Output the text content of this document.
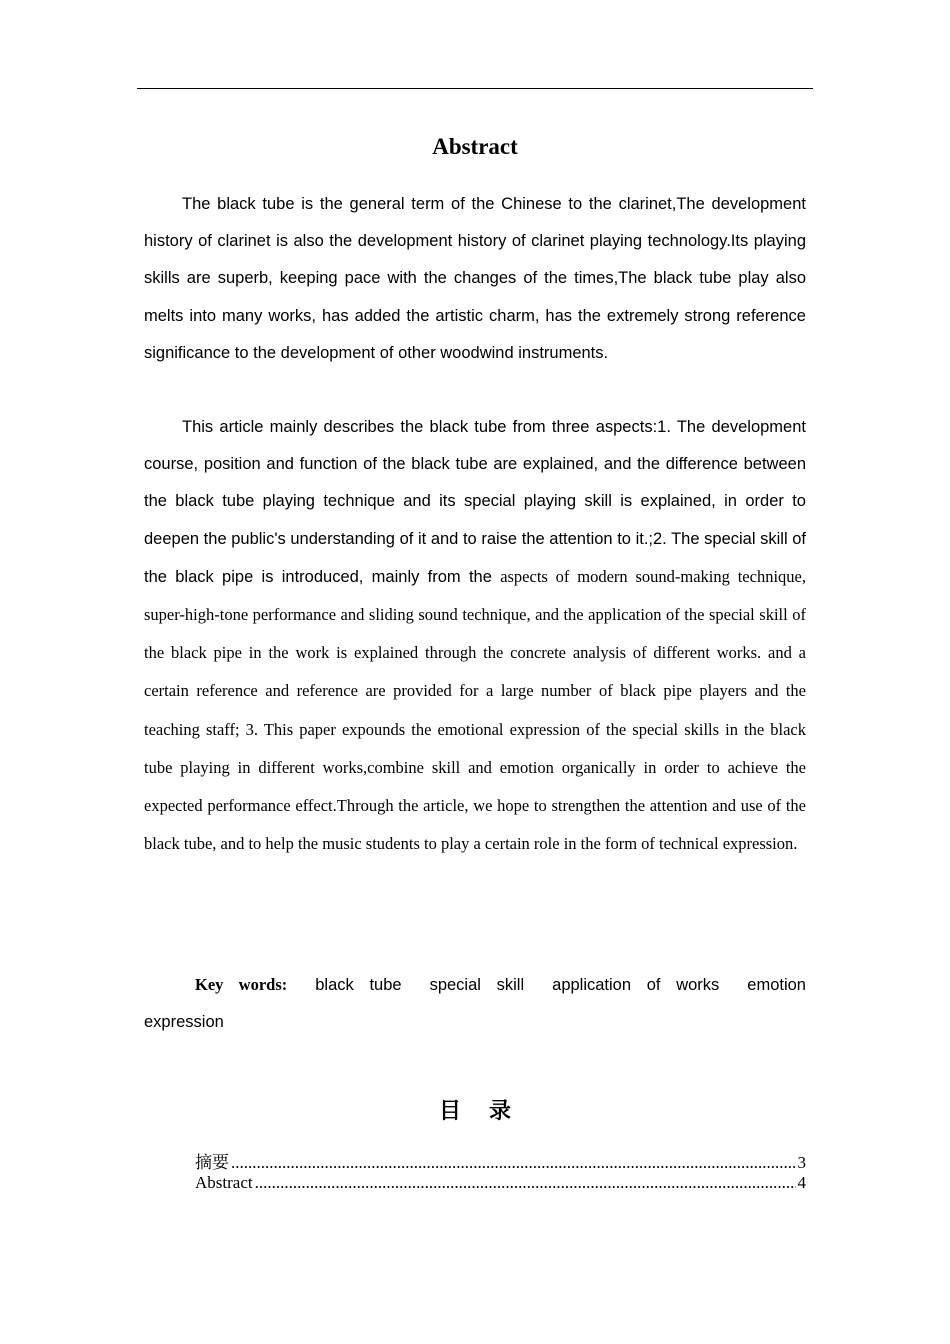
Abstract

The black tube is the general term of the Chinese to the clarinet,The development history of clarinet is also the development history of clarinet playing technology.Its playing skills are superb, keeping pace with the changes of the times,The black tube play also melts into many works, has added the artistic charm, has the extremely strong reference significance to the development of other woodwind instruments.

This article mainly describes the black tube from three aspects:1. The development course, position and function of the black tube are explained, and the difference between the black tube playing technique and its special playing skill is explained, in order to deepen the public's understanding of it and to raise the attention to it.;2. The special skill of the black pipe is introduced, mainly from the aspects of modern sound-making technique, super-high-tone performance and sliding sound technique, and the application of the special skill of the black pipe in the work is explained through the concrete analysis of different works. and a certain reference and reference are provided for a large number of black pipe players and the teaching staff; 3. This paper expounds the emotional expression of the special skills in the black tube playing in different works,combine skill and emotion organically in order to achieve the expected performance effect.Through the article, we hope to strengthen the attention and use of the black tube, and to help the music students to play a certain role in the form of technical expression.

Key words: black tube special skill application of works emotion expression

目录
摘要 .....	3
Abstract .....	4
